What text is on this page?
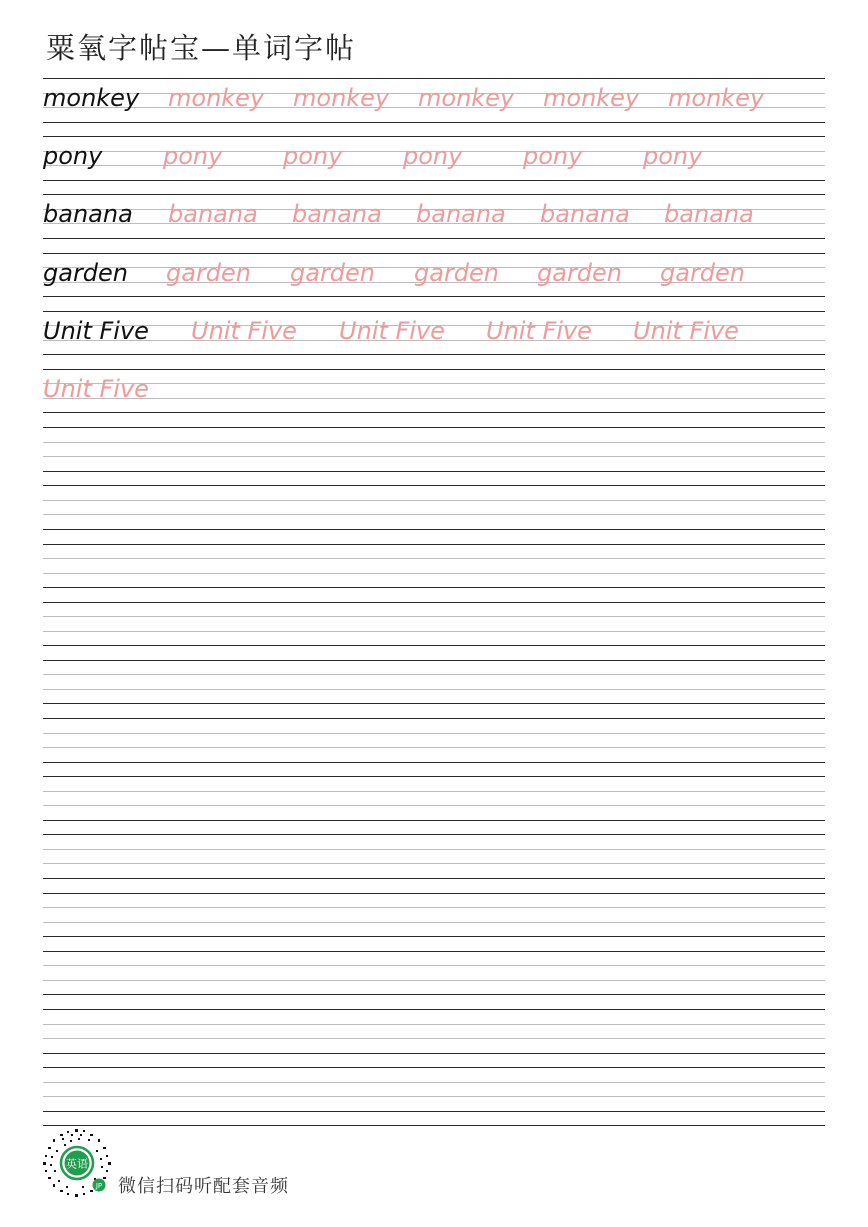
粟氧字帖宝—单词字帖
monkey monkey monkey monkey monkey monkey
pony	pony	pony	pony	pony	pony
banana banana banana banana banana banana
garden garden garden garden garden garden
Unit Five Unit Five Unit Five Unit Five Unit Five
Unit Five
英语
JP 微信扫码听配套音频
